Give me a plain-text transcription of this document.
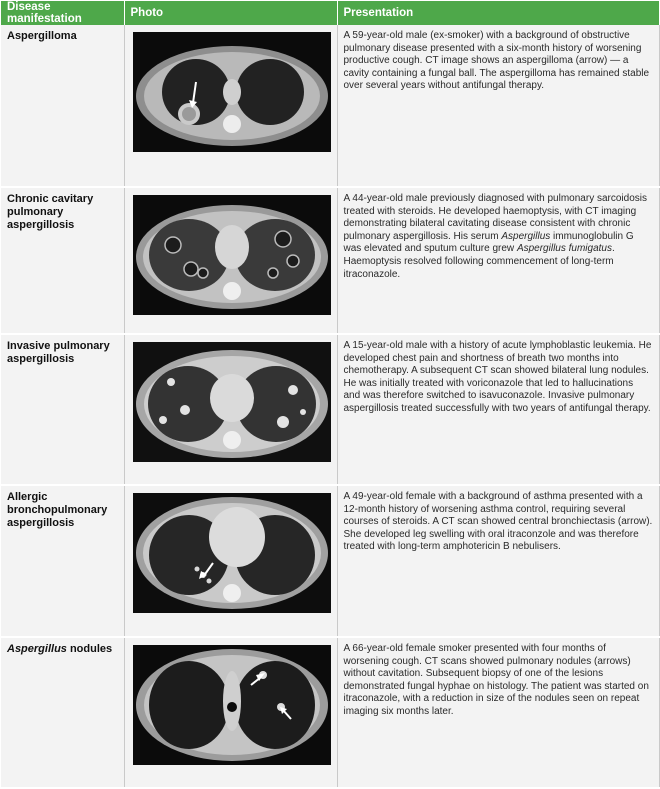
Disease manifestation	Photo	Presentation

Aspergilloma		A 59-year-old male (ex-smoker) with a background of obstructive pulmonary disease presented with a six-month history of worsening productive cough. CT image shows an aspergilloma (arrow) — a cavity containing a fungal ball. The aspergilloma has remained stable over several years without antifungal therapy.

Chronic cavitary pulmonary aspergillosis		A 44-year-old male previously diagnosed with pulmonary sarcoidosis treated with steroids. He developed haemoptysis, with CT imaging demonstrating bilateral cavitating disease consistent with chronic pulmonary aspergillosis. His serum Aspergillus immunoglobulin G was elevated and sputum culture grew Aspergillus fumigatus. Haemoptysis resolved following commencement of long-term itraconazole.

Invasive pulmonary aspergillosis		A 15-year-old male with a history of acute lymphoblastic leukemia. He developed chest pain and shortness of breath two months into chemotherapy. A subsequent CT scan showed bilateral lung nodules. He was initially treated with voriconazole that led to hallucinations and was therefore switched to isavuconazole. Invasive pulmonary aspergillosis treated successfully with two years of antifungal therapy.

Allergic bronchopulmonary aspergillosis		A 49-year-old female with a background of asthma presented with a 12-month history of worsening asthma control, requiring several courses of steroids. A CT scan showed central bronchiectasis (arrow). She developed leg swelling with oral itraconzole and was therefore treated with long-term amphotericin B nebulisers.

Aspergillus nodules		A 66-year-old female smoker presented with four months of worsening cough. CT scans showed pulmonary nodules (arrows) without cavitation. Subsequent biopsy of one of the lesions demonstrated fungal hyphae on histology. The patient was started on itraconazole, with a reduction in size of the nodules seen on repeat imaging six months later.
